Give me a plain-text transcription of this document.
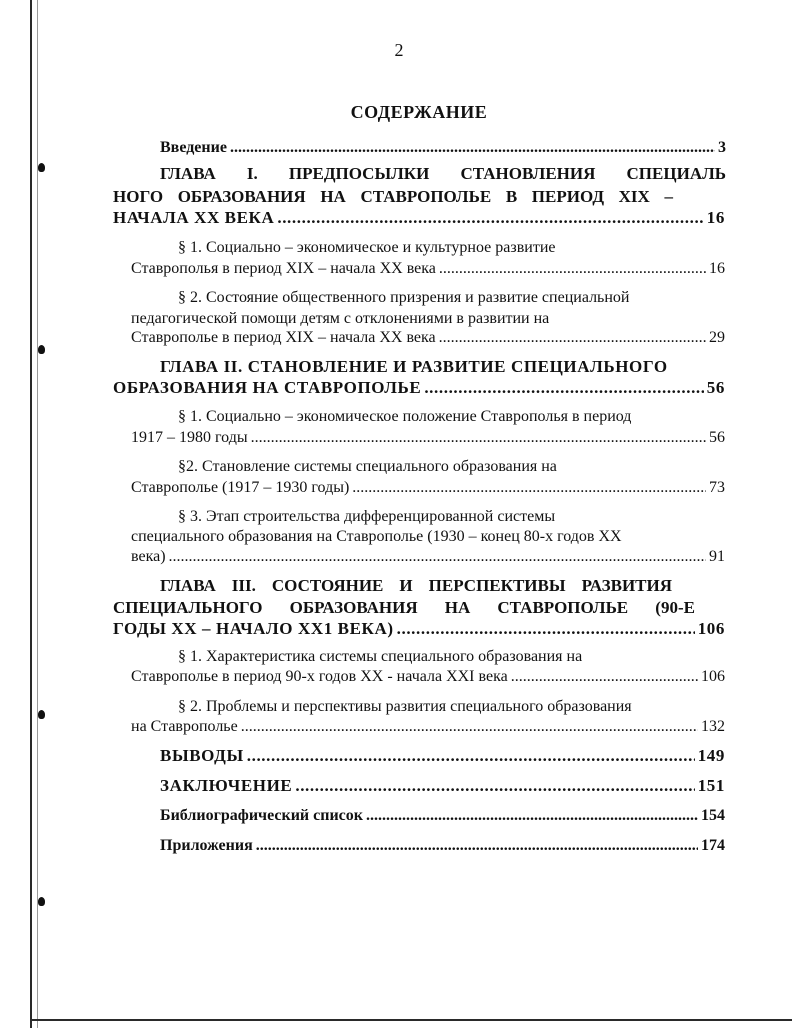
2
СОДЕРЖАНИЕ
Введение .....	3
ГЛАВА I. ПРЕДПОСЫЛКИ СТАНОВЛЕНИЯ СПЕЦИАЛЬ
НОГО ОБРАЗОВАНИЯ НА СТАВРОПОЛЬЕ В ПЕРИОД XIX –
НАЧАЛА XX ВЕКА .....	16
§ 1. Социально – экономическое и культурное развитие
Ставрополья в период XIX – начала XX века .....	16
§ 2. Состояние общественного призрения и развитие специальной
педагогической помощи детям с отклонениями в развитии на
Ставрополье в период XIX – начала XX века .....	29
ГЛАВА II. СТАНОВЛЕНИЕ И РАЗВИТИЕ СПЕЦИАЛЬНОГО
ОБРАЗОВАНИЯ НА СТАВРОПОЛЬЕ .....	56
§ 1. Социально – экономическое положение Ставрополья в период
1917 – 1980 годы .....	56
§2. Становление системы специального образования на
Ставрополье (1917 – 1930 годы) .....	73
§ 3. Этап строительства дифференцированной системы
специального образования на Ставрополье (1930 – конец 80-х годов XX
века) .....	91
ГЛАВА III. СОСТОЯНИЕ И ПЕРСПЕКТИВЫ РАЗВИТИЯ
СПЕЦИАЛЬНОГО ОБРАЗОВАНИЯ НА СТАВРОПОЛЬЕ (90-Е
ГОДЫ XX – НАЧАЛО XX1 ВЕКА) .....	106
§ 1. Характеристика системы специального образования на
Ставрополье в период 90-х годов XX - начала XXI века .....	106
§ 2. Проблемы и перспективы развития специального образования
на Ставрополье .....	132
ВЫВОДЫ .....	149
ЗАКЛЮЧЕНИЕ .....	151
Библиографический список .....	154
Приложения .....	174
